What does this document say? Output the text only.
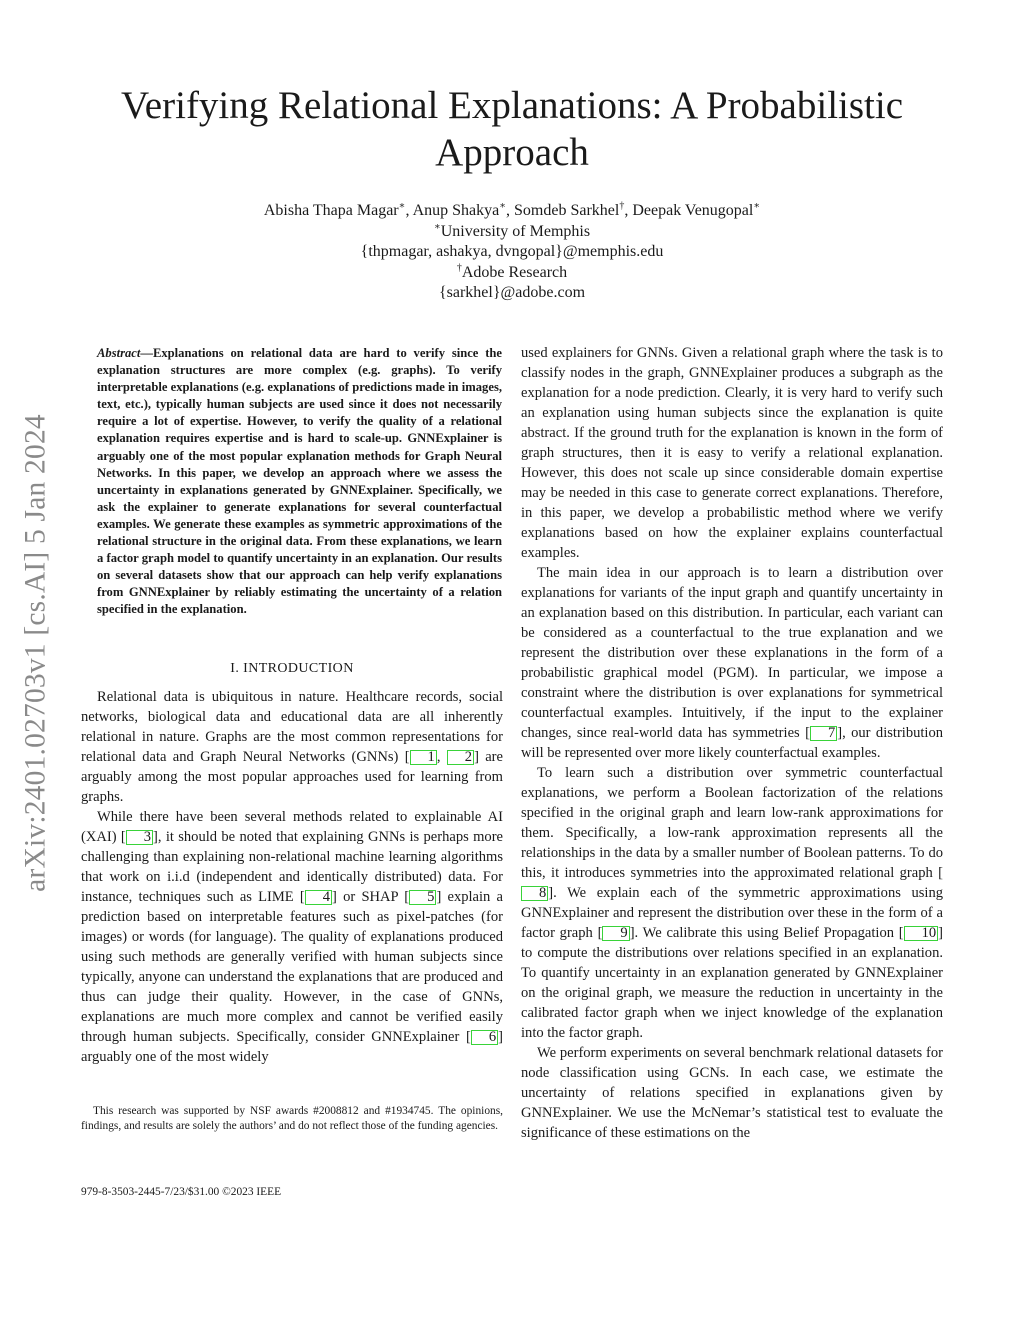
arXiv:2401.02703v1 [cs.AI] 5 Jan 2024
Verifying Relational Explanations: A Probabilistic Approach
Abisha Thapa Magar∗, Anup Shakya∗, Somdeb Sarkhel†, Deepak Venugopal∗
∗University of Memphis
{thpmagar, ashakya, dvngopal}@memphis.edu
†Adobe Research
{sarkhel}@adobe.com
Abstract—Explanations on relational data are hard to verify since the explanation structures are more complex (e.g. graphs). To verify interpretable explanations (e.g. explanations of predictions made in images, text, etc.), typically human subjects are used since it does not necessarily require a lot of expertise. However, to verify the quality of a relational explanation requires expertise and is hard to scale-up. GNNExplainer is arguably one of the most popular explanation methods for Graph Neural Networks. In this paper, we develop an approach where we assess the uncertainty in explanations generated by GNNExplainer. Specifically, we ask the explainer to generate explanations for several counterfactual examples. We generate these examples as symmetric approximations of the relational structure in the original data. From these explanations, we learn a factor graph model to quantify uncertainty in an explanation. Our results on several datasets show that our approach can help verify explanations from GNNExplainer by reliably estimating the uncertainty of a relation specified in the explanation.
I. INTRODUCTION

Relational data is ubiquitous in nature. Healthcare records, social networks, biological data and educational data are all inherently relational in nature. Graphs are the most common representations for relational data and Graph Neural Networks (GNNs) [ 1 , 2 ] are arguably among the most popular approaches used for learning from graphs.

While there have been several methods related to explainable AI (XAI) [ 3 ], it should be noted that explaining GNNs is perhaps more challenging than explaining non-relational machine learning algorithms that work on i.i.d (independent and identically distributed) data. For instance, techniques such as LIME [ 4 ] or SHAP [ 5 ] explain a prediction based on interpretable features such as pixel-patches (for images) or words (for language). The quality of explanations produced using such methods are generally verified with human subjects since typically, anyone can understand the explanations that are produced and thus can judge their quality. However, in the case of GNNs, explanations are much more complex and cannot be verified easily through human subjects. Specifically, consider GNNExplainer [ 6 ] arguably one of the most widely

This research was supported by NSF awards #2008812 and #1934745. The opinions, findings, and results are solely the authors’ and do not reflect those of the funding agencies.

979-8-3503-2445-7/23/$31.00 ©2023 IEEE

used explainers for GNNs. Given a relational graph where the task is to classify nodes in the graph, GNNExplainer produces a subgraph as the explanation for a node prediction. Clearly, it is very hard to verify such an explanation using human subjects since the explanation is quite abstract. If the ground truth for the explanation is known in the form of graph structures, then it is easy to verify a relational explanation. However, this does not scale up since considerable domain expertise may be needed in this case to generate correct explanations. Therefore, in this paper, we develop a probabilistic method where we verify explanations based on how the explainer explains counterfactual examples.

The main idea in our approach is to learn a distribution over explanations for variants of the input graph and quantify uncertainty in an explanation based on this distribution. In particular, each variant can be considered as a counterfactual to the true explanation and we represent the distribution over these explanations in the form of a probabilistic graphical model (PGM). In particular, we impose a constraint where the distribution is over explanations for symmetrical counterfactual examples. Intuitively, if the input to the explainer changes, since real-world data has symmetries [ 7 ], our distribution will be represented over more likely counterfactual examples.

To learn such a distribution over symmetric counterfactual explanations, we perform a Boolean factorization of the relations specified in the original graph and learn low-rank approximations for them. Specifically, a low-rank approximation represents all the relationships in the data by a smaller number of Boolean patterns. To do this, it introduces symmetries into the approximated relational graph [8 ]. We explain each of the symmetric approximations using GNNExplainer and represent the distribution over these in the form of a factor graph [ 9 ]. We calibrate this using Belief Propagation [ 10 ] to compute the distributions over relations specified in an explanation. To quantify uncertainty in an explanation generated by GNNExplainer on the original graph, we measure the reduction in uncertainty in the calibrated factor graph when we inject knowledge of the explanation into the factor graph.

We perform experiments on several benchmark relational datasets for node classification using GCNs. In each case, we estimate the uncertainty of relations specified in explanations given by GNNExplainer. We use the McNemar’s statistical test to evaluate the significance of these estimations on the
